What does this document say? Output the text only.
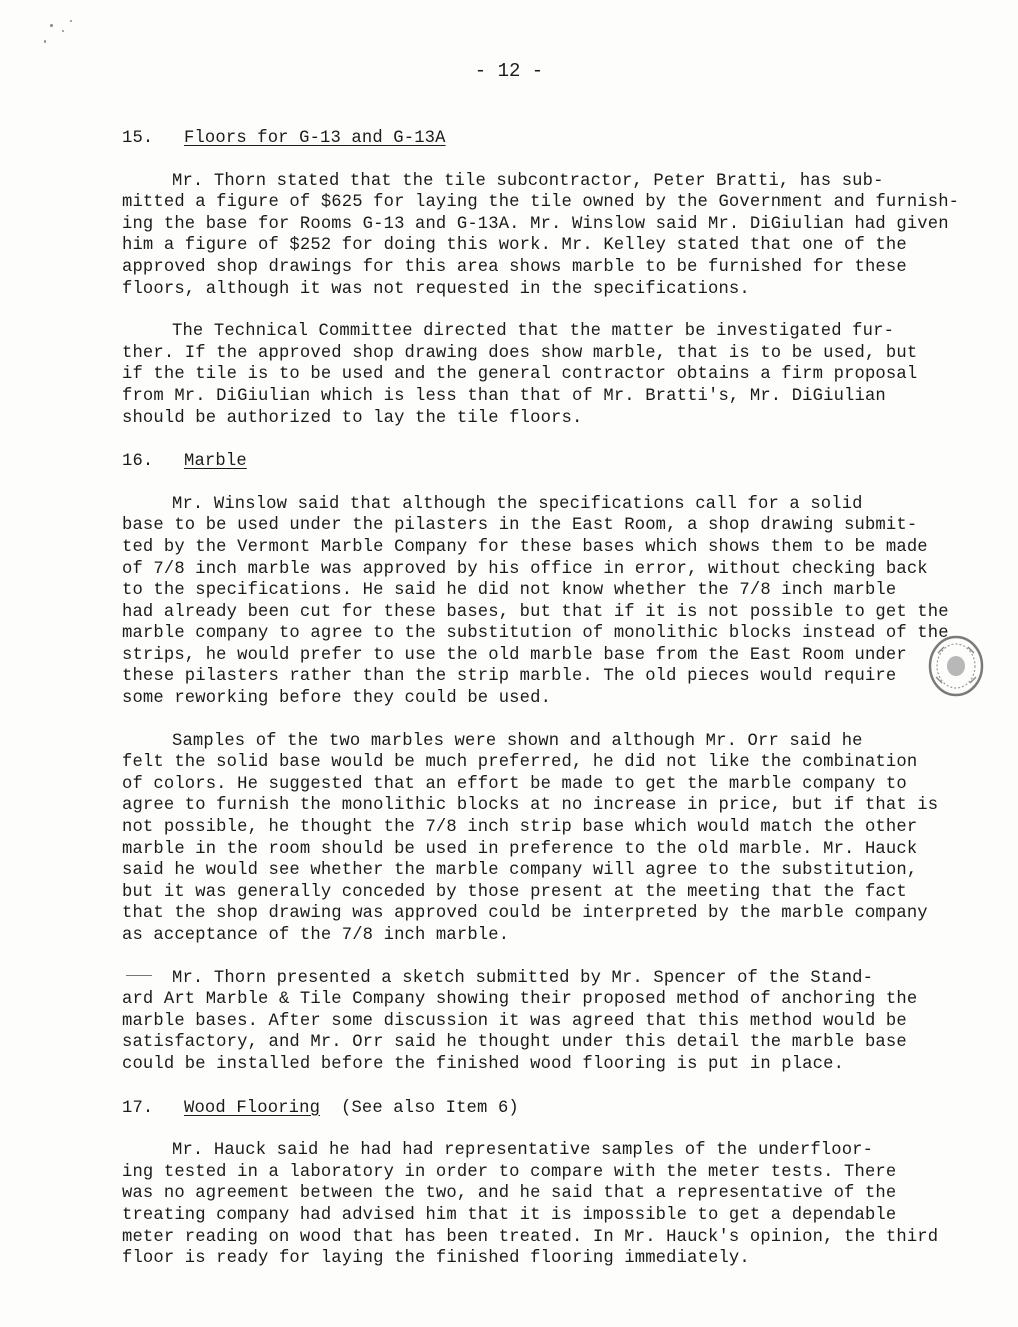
- 12 -

15. Floors for G-13 and G-13A

Mr. Thorn stated that the tile subcontractor, Peter Bratti, has sub-
mitted a figure of $625 for laying the tile owned by the Government and furnish-
ing the base for Rooms G-13 and G-13A. Mr. Winslow said Mr. DiGiulian had given
him a figure of $252 for doing this work. Mr. Kelley stated that one of the
approved shop drawings for this area shows marble to be furnished for these
floors, although it was not requested in the specifications.

The Technical Committee directed that the matter be investigated fur-
ther. If the approved shop drawing does show marble, that is to be used, but
if the tile is to be used and the general contractor obtains a firm proposal
from Mr. DiGiulian which is less than that of Mr. Bratti's, Mr. DiGiulian
should be authorized to lay the tile floors.

16. Marble

Mr. Winslow said that although the specifications call for a solid
base to be used under the pilasters in the East Room, a shop drawing submit-
ted by the Vermont Marble Company for these bases which shows them to be made
of 7/8 inch marble was approved by his office in error, without checking back
to the specifications. He said he did not know whether the 7/8 inch marble
had already been cut for these bases, but that if it is not possible to get the
marble company to agree to the substitution of monolithic blocks instead of the
strips, he would prefer to use the old marble base from the East Room under
these pilasters rather than the strip marble. The old pieces would require
some reworking before they could be used.

Samples of the two marbles were shown and although Mr. Orr said he
felt the solid base would be much preferred, he did not like the combination
of colors. He suggested that an effort be made to get the marble company to
agree to furnish the monolithic blocks at no increase in price, but if that is
not possible, he thought the 7/8 inch strip base which would match the other
marble in the room should be used in preference to the old marble. Mr. Hauck
said he would see whether the marble company will agree to the substitution,
but it was generally conceded by those present at the meeting that the fact
that the shop drawing was approved could be interpreted by the marble company
as acceptance of the 7/8 inch marble.

Mr. Thorn presented a sketch submitted by Mr. Spencer of the Stand-
ard Art Marble & Tile Company showing their proposed method of anchoring the
marble bases. After some discussion it was agreed that this method would be
satisfactory, and Mr. Orr said he thought under this detail the marble base
could be installed before the finished wood flooring is put in place.

17. Wood Flooring (See also Item 6)

Mr. Hauck said he had had representative samples of the underfloor-
ing tested in a laboratory in order to compare with the meter tests. There
was no agreement between the two, and he said that a representative of the
treating company had advised him that it is impossible to get a dependable
meter reading on wood that has been treated. In Mr. Hauck's opinion, the third
floor is ready for laying the finished flooring immediately.
